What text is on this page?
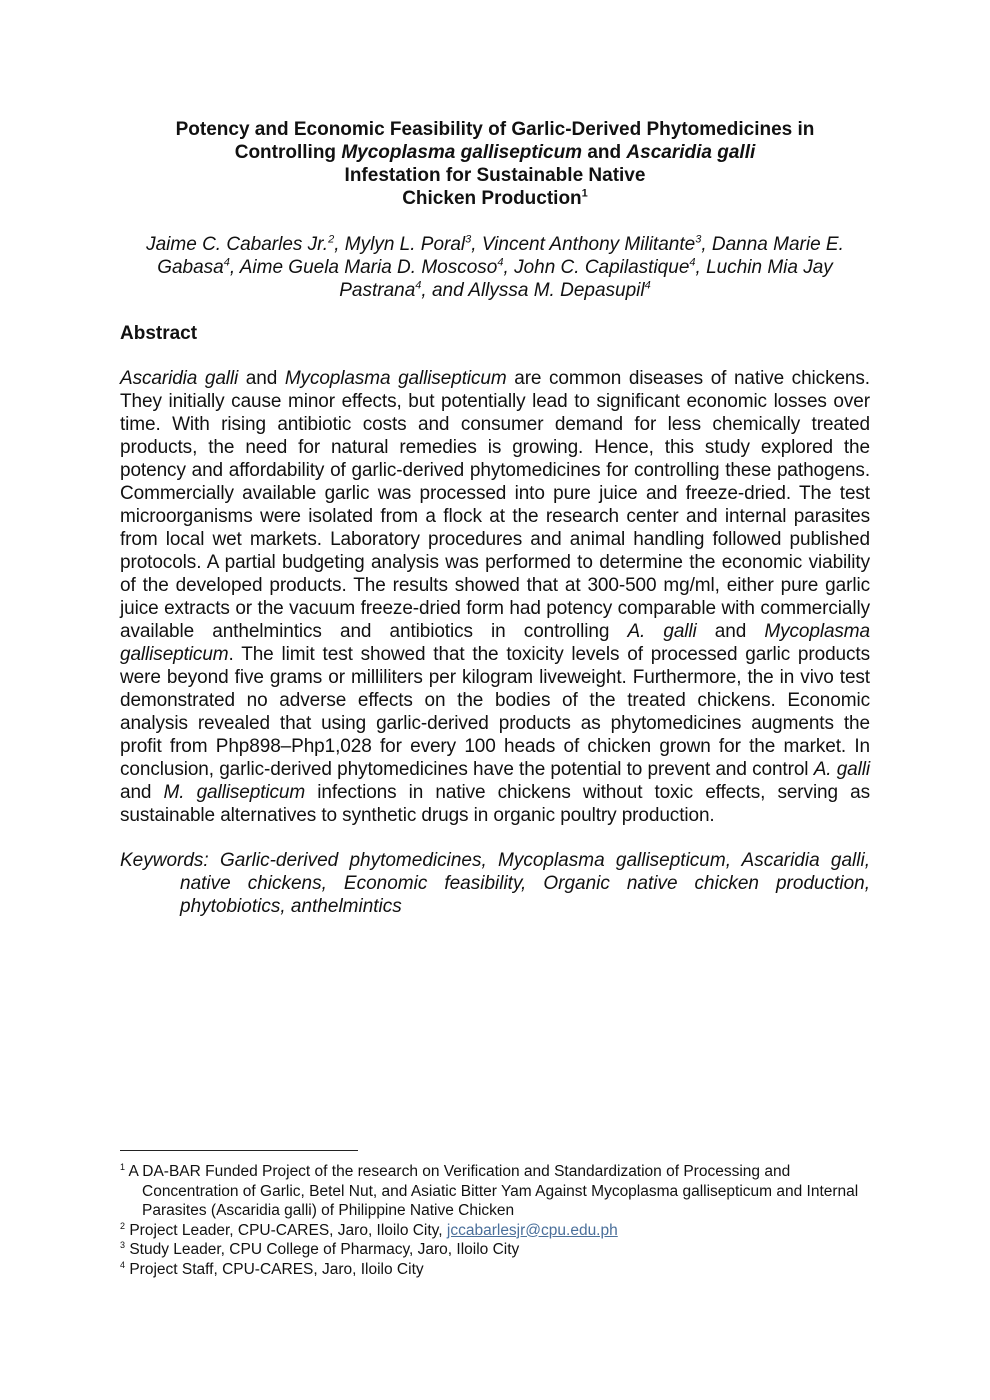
Potency and Economic Feasibility of Garlic-Derived Phytomedicines in
Controlling Mycoplasma gallisepticum and Ascaridia galli
Infestation for Sustainable Native
Chicken Production$^1$
Jaime C. Cabarles Jr.$^2$, Mylyn L. Poral$^3$, Vincent Anthony Militante$^3$, Danna Marie E. Gabasa$^4$, Aime Guela Maria D. Moscoso$^4$, John C. Capilastique$^4$, Luchin Mia Jay Pastrana$^4$, and Allyssa M. Depasupil$^4$
Abstract

Ascaridia galli and Mycoplasma gallisepticum are common diseases of native chickens. They initially cause minor effects, but potentially lead to significant economic losses over time. With rising antibiotic costs and consumer demand for less chemically treated products, the need for natural remedies is growing. Hence, this study explored the potency and affordability of garlic-derived phytomedicines for controlling these pathogens. Commercially available garlic was processed into pure juice and freeze-dried. The test microorganisms were isolated from a flock at the research center and internal parasites from local wet markets. Laboratory procedures and animal handling followed published protocols. A partial budgeting analysis was performed to determine the economic viability of the developed products. The results showed that at 300-500 mg/ml, either pure garlic juice extracts or the vacuum freeze-dried form had potency comparable with commercially available anthelmintics and antibiotics in controlling A. galli and Mycoplasma gallisepticum. The limit test showed that the toxicity levels of processed garlic products were beyond five grams or milliliters per kilogram liveweight. Furthermore, the in vivo test demonstrated no adverse effects on the bodies of the treated chickens. Economic analysis revealed that using garlic-derived products as phytomedicines augments the profit from Php898–Php1,028 for every 100 heads of chicken grown for the market. In conclusion, garlic-derived phytomedicines have the potential to prevent and control A. galli and M. gallisepticum infections in native chickens without toxic effects, serving as sustainable alternatives to synthetic drugs in organic poultry production.

Keywords: Garlic-derived phytomedicines, Mycoplasma gallisepticum, Ascaridia galli, native chickens, Economic feasibility, Organic native chicken production, phytobiotics, anthelmintics

$^1$ A DA-BAR Funded Project of the research on Verification and Standardization of Processing and Concentration of Garlic, Betel Nut, and Asiatic Bitter Yam Against Mycoplasma gallisepticum and Internal Parasites (Ascaridia galli) of Philippine Native Chicken
$^2$ Project Leader, CPU-CARES, Jaro, Iloilo City, jccabarlesjr@cpu.edu.ph
$^3$ Study Leader, CPU College of Pharmacy, Jaro, Iloilo City
$^4$ Project Staff, CPU-CARES, Jaro, Iloilo City
